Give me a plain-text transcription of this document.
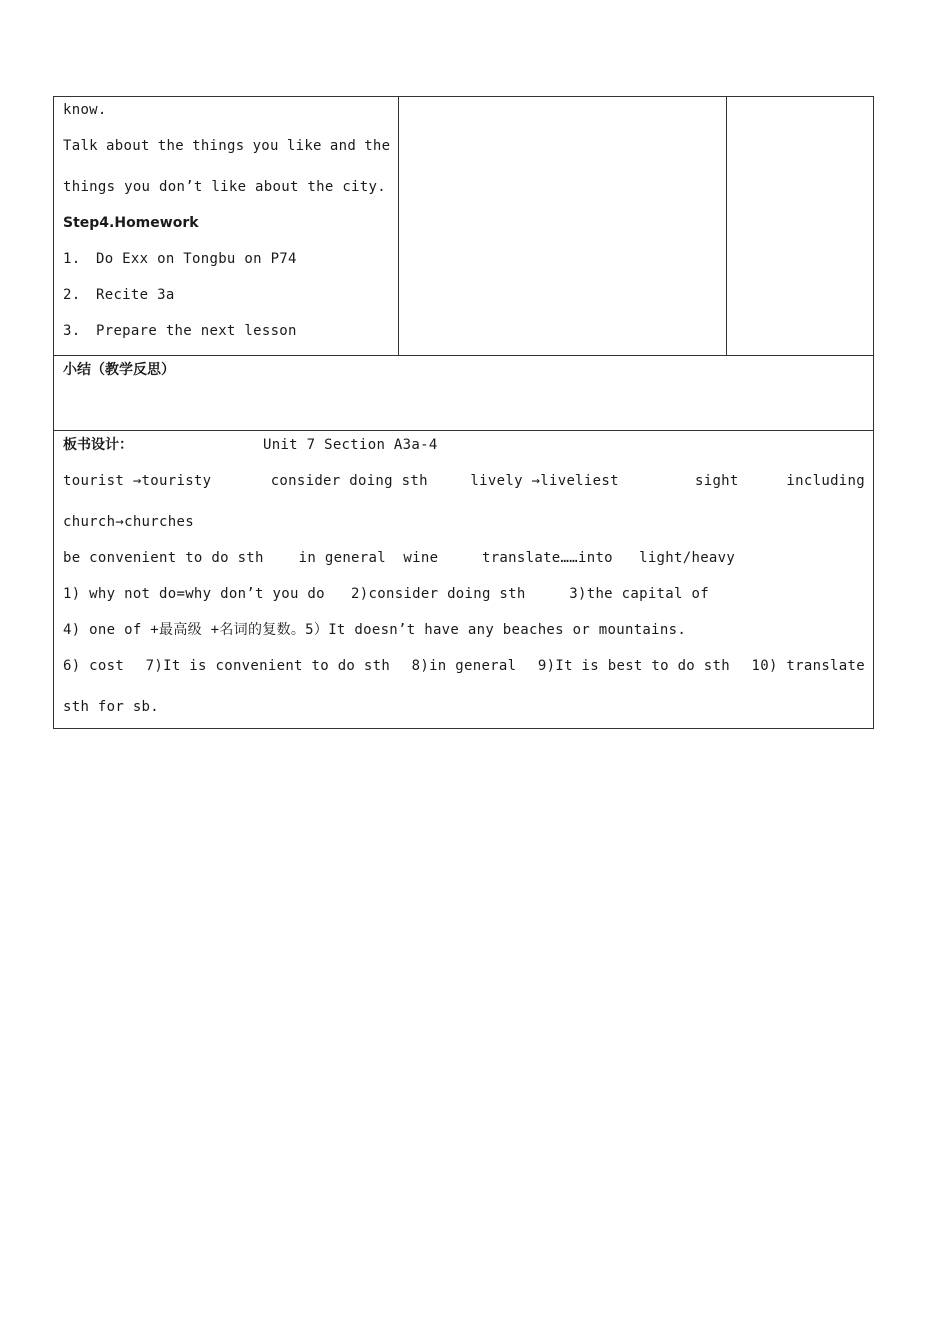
know.
Talk about the things you like and the
things you don’t like about the city.
Step4.Homework
1. Do Exx on Tongbu on P74
2. Recite 3a
3. Prepare the next lesson

小结（教学反思）

板书设计：	Unit 7 Section A3a-4
tourist →touristy	consider doing sth	lively →liveliest	sight	including
church→churches
be convenient to do sth    in general  wine     translate……into   light/heavy
1) why not do=why don’t you do   2)consider doing sth     3)the capital of
4) one of +最高级 +名词的复数。5）It doesn’t have any beaches or mountains.
6) cost 7)It is convenient to do sth 8)in general 9)It is best to do sth 10) translate
sth for sb.
